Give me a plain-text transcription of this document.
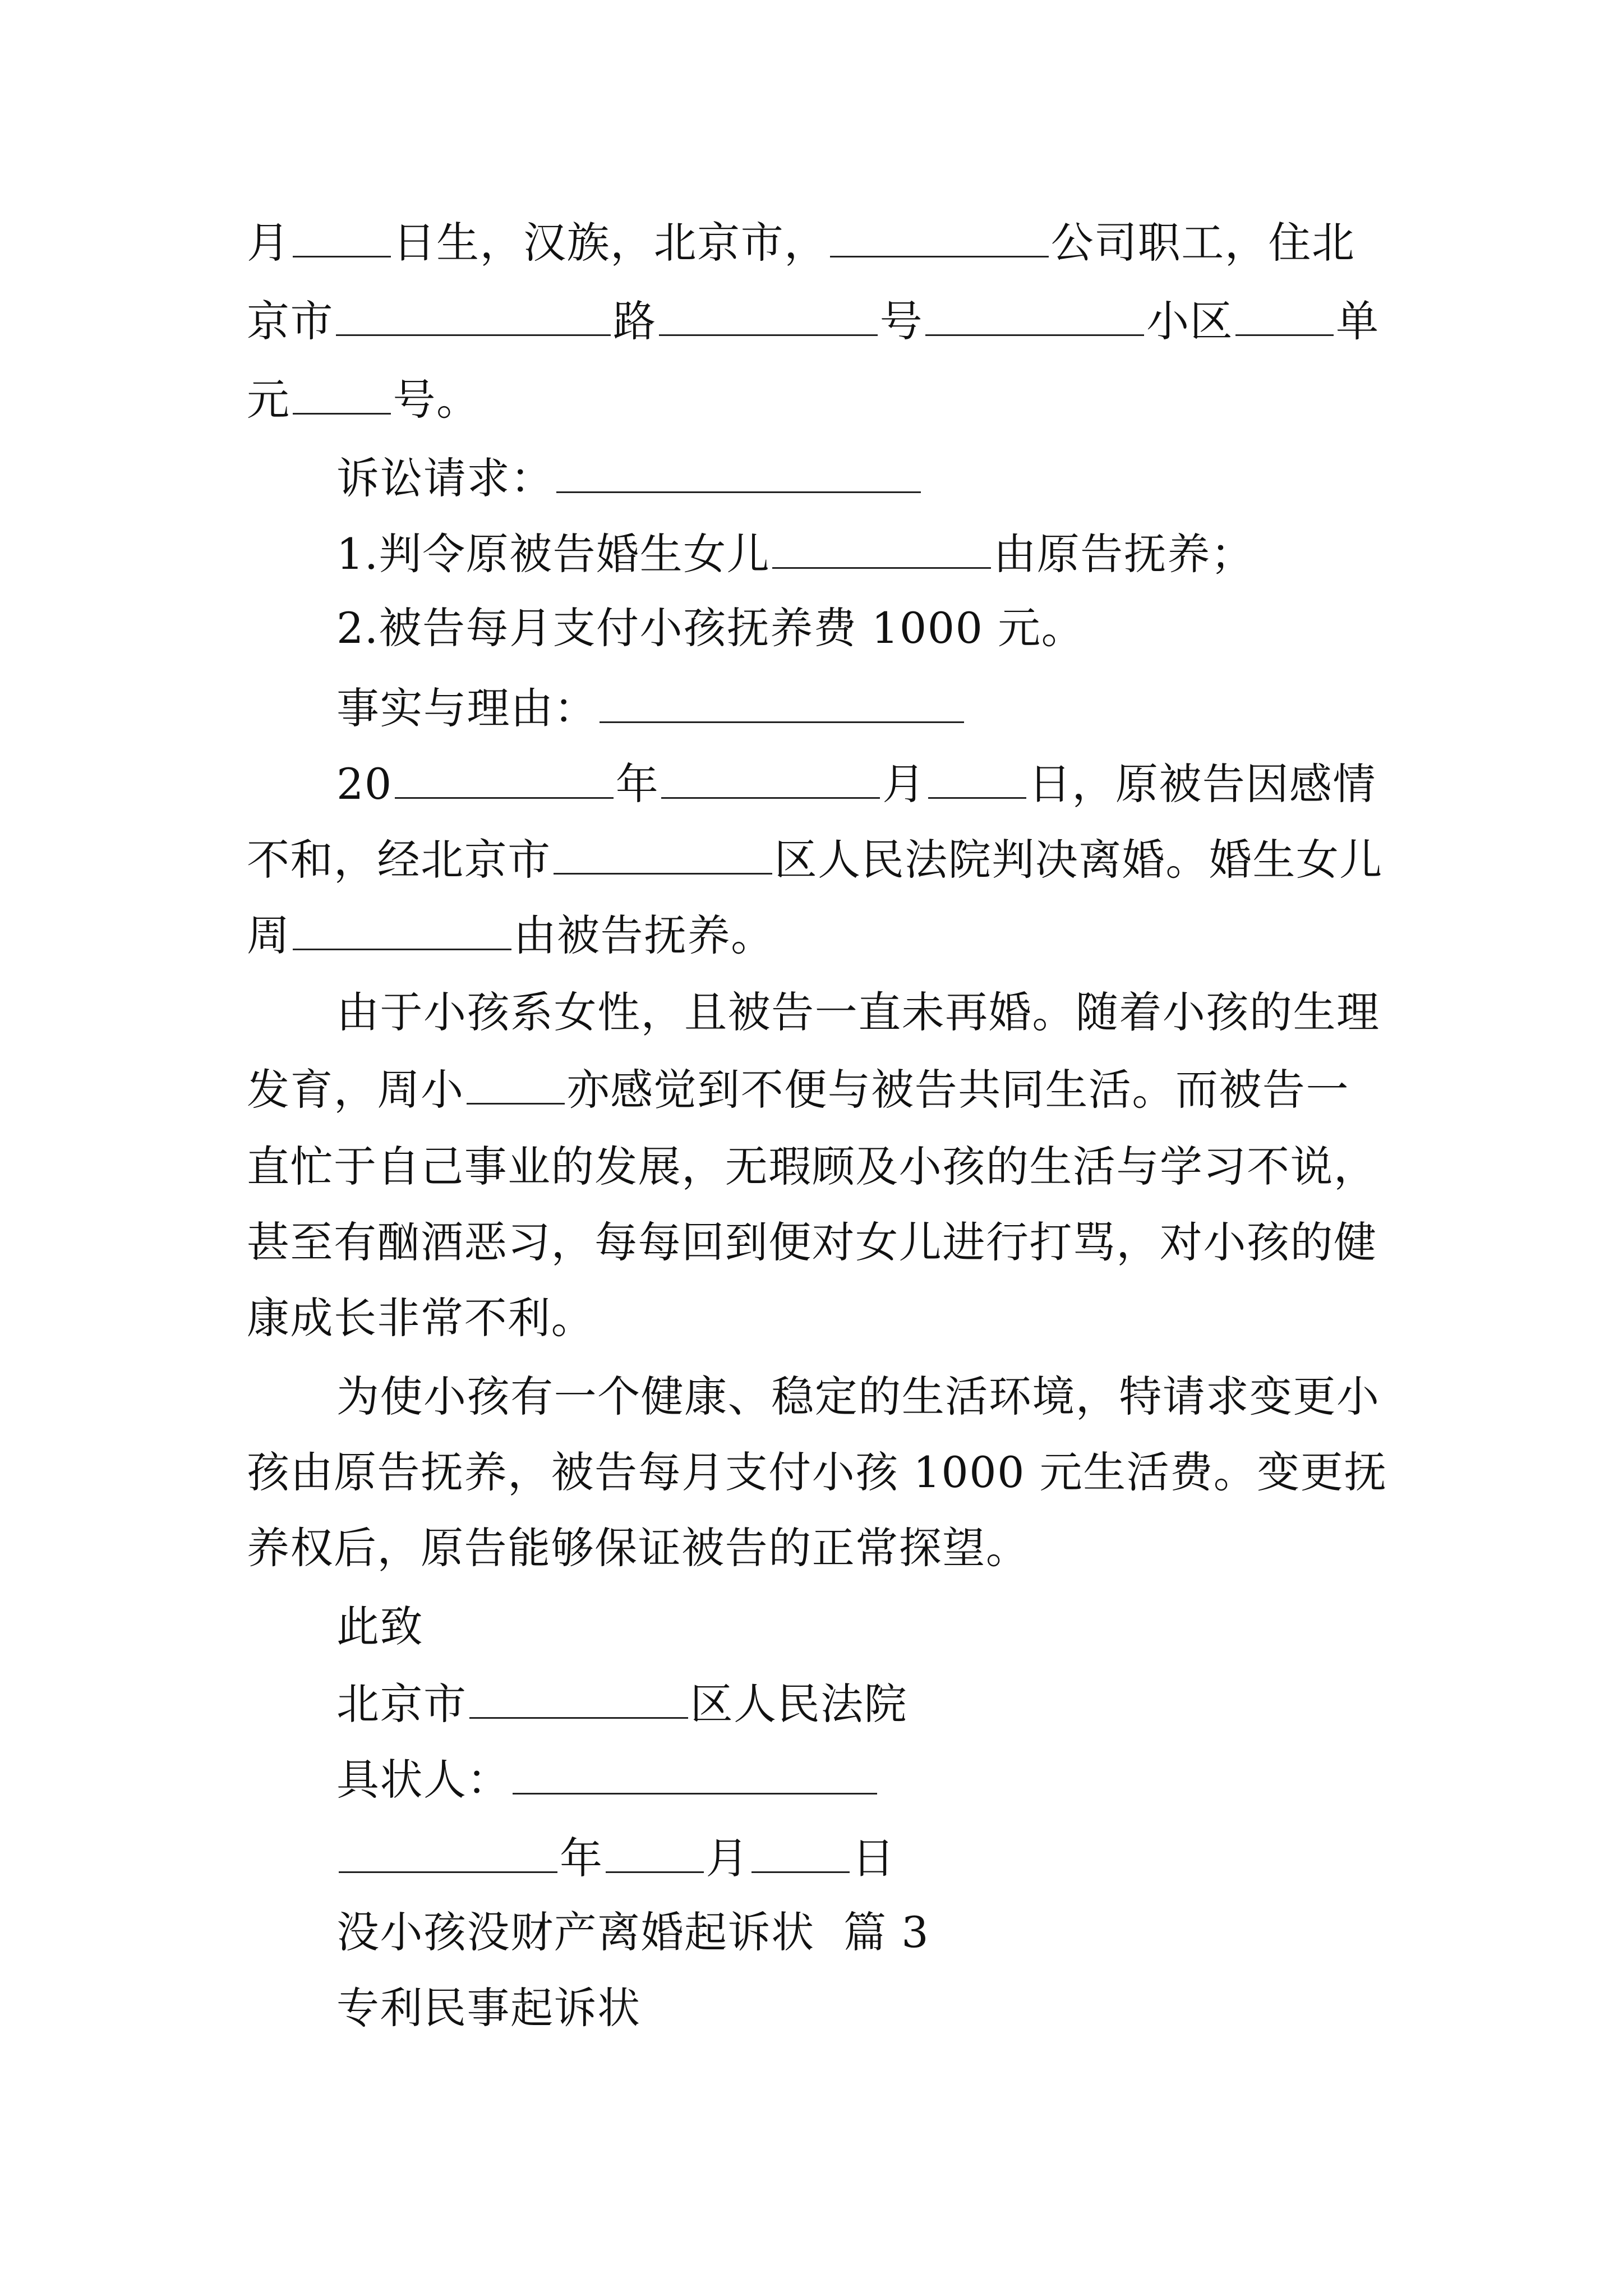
月 日生，汉族，北京市，	公司职工，住北
京市	路	号	小区 单
元 号。
诉讼请求：
1.判令原被告婚生女儿	由原告抚养；
2.被告每月支付小孩抚养费 1000 元。
事实与理由：
20	年	月 日，原被告因感情
不和，经北京市	区人民法院判决离婚。婚生女儿
周	由被告抚养。
由于小孩系女性，且被告一直未再婚。随着小孩的生理
发育，周小 亦感觉到不便与被告共同生活。而被告一
直忙于自己事业的发展，无瑕顾及小孩的生活与学习不说，
甚至有酗酒恶习，每每回到便对女儿进行打骂，对小孩的健
康成长非常不利。
为使小孩有一个健康、稳定的生活环境，特请求变更小
孩由原告抚养，被告每月支付小孩 1000 元生活费。变更抚
养权后，原告能够保证被告的正常探望。
此致
北京市	区人民法院
具状人：
年 月 日
没小孩没财产离婚起诉状  篇 3
专利民事起诉状
